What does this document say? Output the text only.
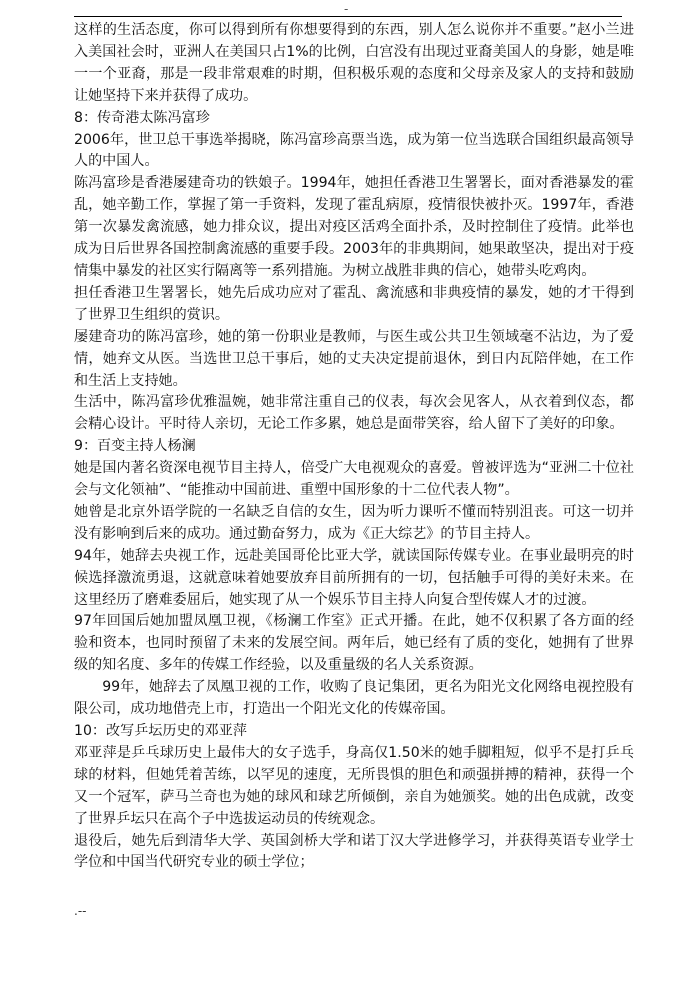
-

这样的生活态度，你可以得到所有你想要得到的东西，别人怎么说你并不重要。”赵小兰进入美国社会时，亚洲人在美国只占1%的比例，白宫没有出现过亚裔美国人的身影，她是唯一一个亚裔，那是一段非常艰难的时期，但积极乐观的态度和父母亲及家人的支持和鼓励让她坚持下来并获得了成功。

8：传奇港太陈冯富珍

2006年，世卫总干事选举揭晓，陈冯富珍高票当选，成为第一位当选联合国组织最高领导人的中国人。

陈冯富珍是香港屡建奇功的铁娘子。1994年，她担任香港卫生署署长，面对香港暴发的霍乱，她辛勤工作，掌握了第一手资料，发现了霍乱病原，疫情很快被扑灭。1997年，香港第一次暴发禽流感，她力排众议，提出对疫区活鸡全面扑杀，及时控制住了疫情。此举也成为日后世界各国控制禽流感的重要手段。2003年的非典期间，她果敢坚决，提出对于疫情集中暴发的社区实行隔离等一系列措施。为树立战胜非典的信心，她带头吃鸡肉。

担任香港卫生署署长，她先后成功应对了霍乱、禽流感和非典疫情的暴发，她的才干得到了世界卫生组织的赏识。

屡建奇功的陈冯富珍，她的第一份职业是教师，与医生或公共卫生领域毫不沾边，为了爱情，她弃文从医。当选世卫总干事后，她的丈夫决定提前退休，到日内瓦陪伴她，在工作和生活上支持她。

生活中，陈冯富珍优雅温婉，她非常注重自己的仪表，每次会见客人，从衣着到仪态，都会精心设计。平时待人亲切，无论工作多累，她总是面带笑容，给人留下了美好的印象。

9：百变主持人杨澜

她是国内著名资深电视节目主持人，倍受广大电视观众的喜爱。曾被评选为“亚洲二十位社会与文化领袖”、“能推动中国前进、重塑中国形象的十二位代表人物”。

她曾是北京外语学院的一名缺乏自信的女生，因为听力课听不懂而特别沮丧。可这一切并没有影响到后来的成功。通过勤奋努力，成为《正大综艺》的节目主持人。

94年，她辞去央视工作，远赴美国哥伦比亚大学，就读国际传媒专业。在事业最明亮的时候选择激流勇退，这就意味着她要放弃目前所拥有的一切，包括触手可得的美好未来。在这里经历了磨难委屈后，她实现了从一个娱乐节目主持人向复合型传媒人才的过渡。

97年回国后她加盟凤凰卫视，《杨澜工作室》正式开播。在此，她不仅积累了各方面的经验和资本，也同时预留了未来的发展空间。两年后，她已经有了质的变化，她拥有了世界级的知名度、多年的传媒工作经验，以及重量级的名人关系资源。

99年，她辞去了凤凰卫视的工作，收购了良记集团，更名为阳光文化网络电视控股有限公司，成功地借壳上市，打造出一个阳光文化的传媒帝国。

10：改写乒坛历史的邓亚萍

邓亚萍是乒乓球历史上最伟大的女子选手，身高仅1.50米的她手脚粗短，似乎不是打乒乓球的材料，但她凭着苦练，以罕见的速度，无所畏惧的胆色和顽强拼搏的精神，获得一个又一个冠军，萨马兰奇也为她的球风和球艺所倾倒，亲自为她颁奖。她的出色成就，改变了世界乒坛只在高个子中选拔运动员的传统观念。

退役后，她先后到清华大学、英国剑桥大学和诺丁汉大学进修学习，并获得英语专业学士学位和中国当代研究专业的硕士学位；

.--
